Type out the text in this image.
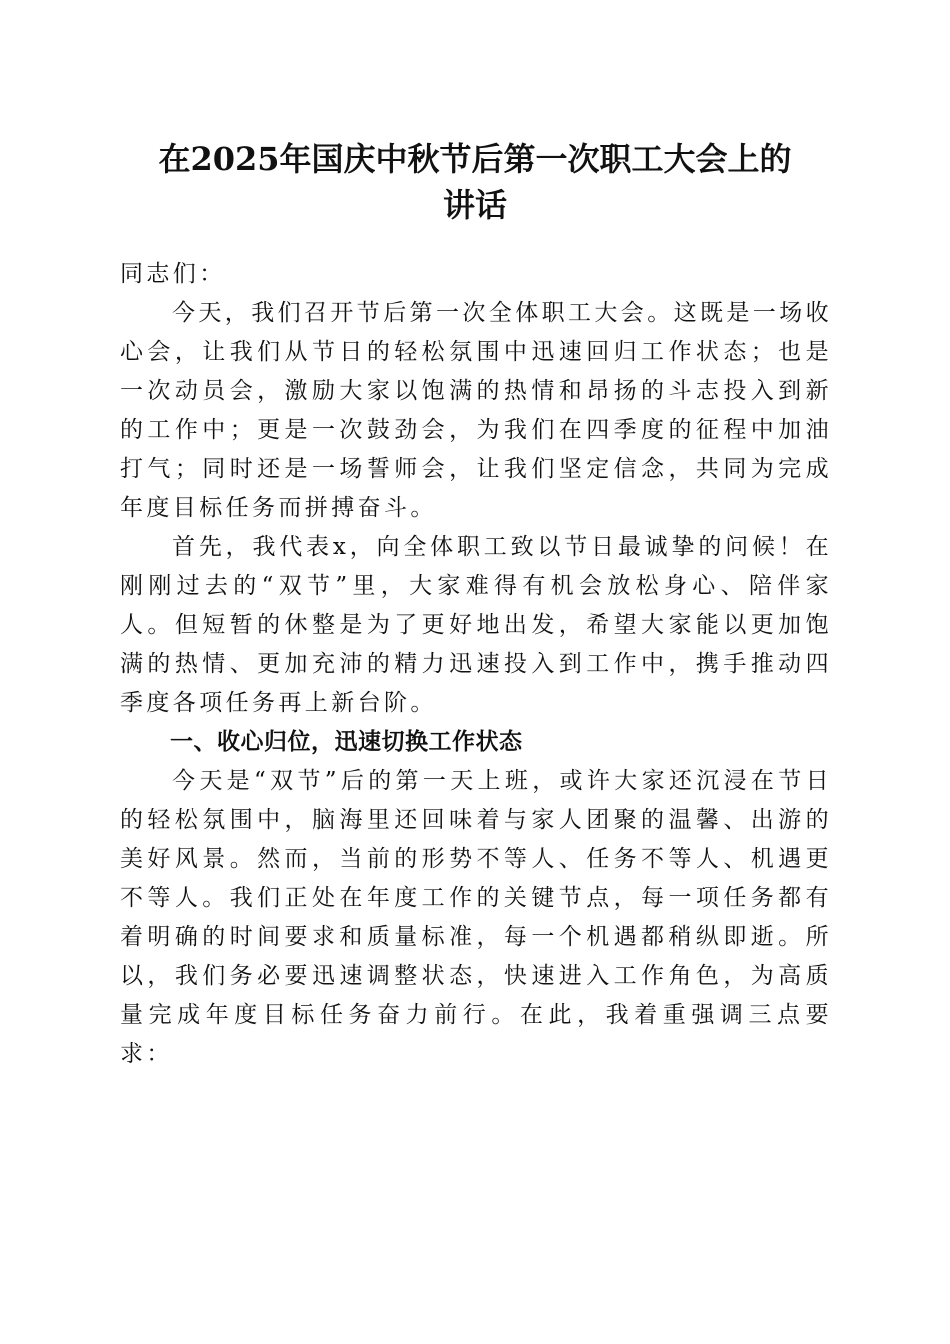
在2025年国庆中秋节后第一次职工大会上的
讲话

同志们：

今天，我们召开节后第一次全体职工大会。这既是一场收心会，让我们从节日的轻松氛围中迅速回归工作状态；也是一次动员会，激励大家以饱满的热情和昂扬的斗志投入到新的工作中；更是一次鼓劲会，为我们在四季度的征程中加油打气；同时还是一场誓师会，让我们坚定信念，共同为完成年度目标任务而拼搏奋斗。

首先，我代表x，向全体职工致以节日最诚挚的问候！在刚刚过去的“双节”里，大家难得有机会放松身心、陪伴家人。但短暂的休整是为了更好地出发，希望大家能以更加饱满的热情、更加充沛的精力迅速投入到工作中，携手推动四季度各项任务再上新台阶。

一、收心归位，迅速切换工作状态

今天是“双节”后的第一天上班，或许大家还沉浸在节日的轻松氛围中，脑海里还回味着与家人团聚的温馨、出游的美好风景。然而，当前的形势不等人、任务不等人、机遇更不等人。我们正处在年度工作的关键节点，每一项任务都有着明确的时间要求和质量标准，每一个机遇都稍纵即逝。所以，我们务必要迅速调整状态，快速进入工作角色，为高质量完成年度目标任务奋力前行。在此，我着重强调三点要求：
